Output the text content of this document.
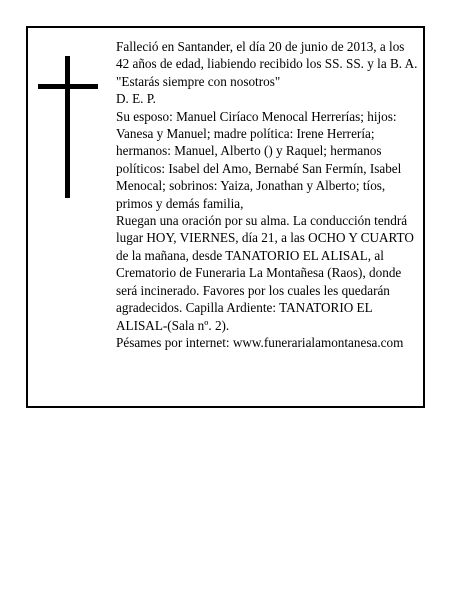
Falleció en Santander, el día 20 de junio de 2013, a los 42 años de edad, liabiendo recibido los SS. SS. y la B. A.

"Estarás siempre con nosotros"

D. E. P.

Su esposo: Manuel Ciríaco Menocal Herrerías; hijos: Vanesa y Manuel; madre política: Irene Herrería; hermanos: Manuel, Alberto () y Raquel; hermanos políticos: Isabel del Amo, Bernabé San Fermín, Isabel Menocal; sobrinos: Yaiza, Jonathan y Alberto; tíos, primos y demás familia,

Ruegan una oración por su alma. La conducción tendrá lugar HOY, VIERNES, día 21, a las OCHO Y CUARTO de la mañana, desde TANATORIO EL ALISAL, al Crematorio de Funeraria La Montañesa (Raos), donde será incinerado. Favores por los cuales les quedarán agradecidos. Capilla Ardiente: TANATORIO EL ALISAL-(Sala nº. 2).

Pésames por internet: www.funerarialamontanesa.com
